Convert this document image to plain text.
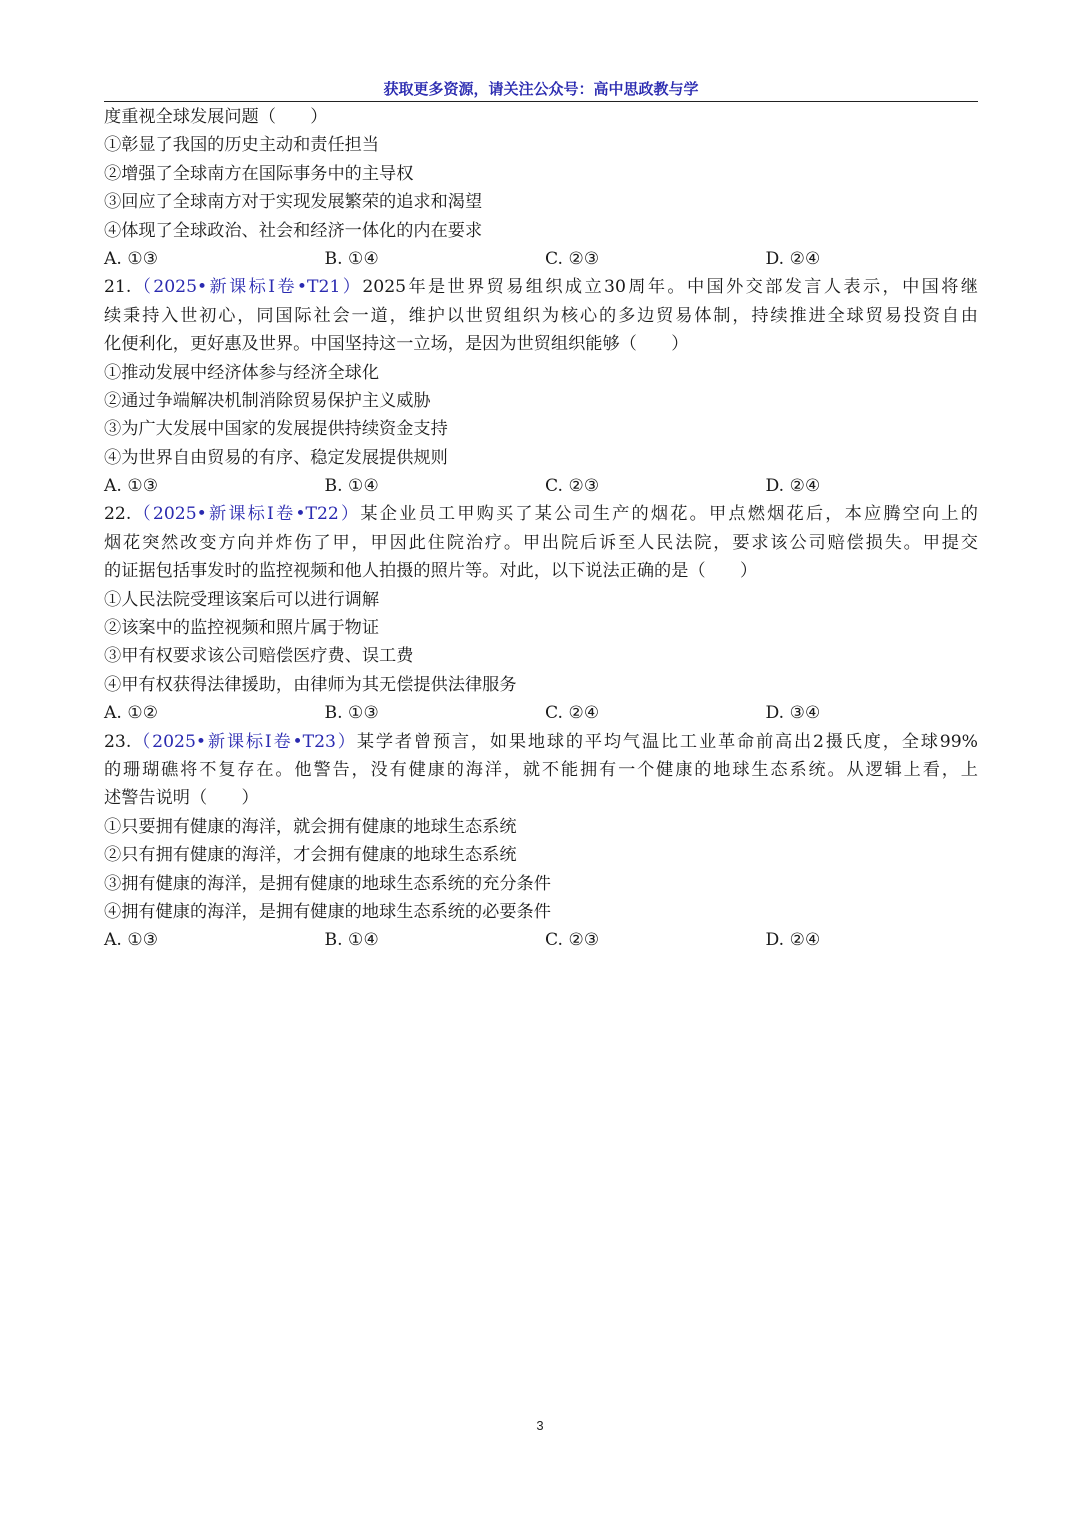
获取更多资源，请关注公众号：高中思政教与学
度重视全球发展问题（　　）
①彰显了我国的历史主动和责任担当
②增强了全球南方在国际事务中的主导权
③回应了全球南方对于实现发展繁荣的追求和渴望
④体现了全球政治、社会和经济一体化的内在要求
A. ①③	B. ①④	C. ②③	D. ②④
21.（2025•新课标Ⅰ卷•T21）2025年是世界贸易组织成立30周年。中国外交部发言人表示，中国将继
续秉持入世初心，同国际社会一道，维护以世贸组织为核心的多边贸易体制，持续推进全球贸易投资自由
化便利化，更好惠及世界。中国坚持这一立场，是因为世贸组织能够（　　）
①推动发展中经济体参与经济全球化
②通过争端解决机制消除贸易保护主义威胁
③为广大发展中国家的发展提供持续资金支持
④为世界自由贸易的有序、稳定发展提供规则
A. ①③	B. ①④	C. ②③	D. ②④
22.（2025•新课标Ⅰ卷•T22）某企业员工甲购买了某公司生产的烟花。甲点燃烟花后，本应腾空向上的
烟花突然改变方向并炸伤了甲，甲因此住院治疗。甲出院后诉至人民法院，要求该公司赔偿损失。甲提交
的证据包括事发时的监控视频和他人拍摄的照片等。对此，以下说法正确的是（　　）
①人民法院受理该案后可以进行调解
②该案中的监控视频和照片属于物证
③甲有权要求该公司赔偿医疗费、误工费
④甲有权获得法律援助，由律师为其无偿提供法律服务
A. ①②	B. ①③	C. ②④	D. ③④
23.（2025•新课标Ⅰ卷•T23）某学者曾预言，如果地球的平均气温比工业革命前高出2摄氏度，全球99%
的珊瑚礁将不复存在。他警告，没有健康的海洋，就不能拥有一个健康的地球生态系统。从逻辑上看，上
述警告说明（　　）
①只要拥有健康的海洋，就会拥有健康的地球生态系统
②只有拥有健康的海洋，才会拥有健康的地球生态系统
③拥有健康的海洋，是拥有健康的地球生态系统的充分条件
④拥有健康的海洋，是拥有健康的地球生态系统的必要条件
A. ①③	B. ①④	C. ②③	D. ②④
3
